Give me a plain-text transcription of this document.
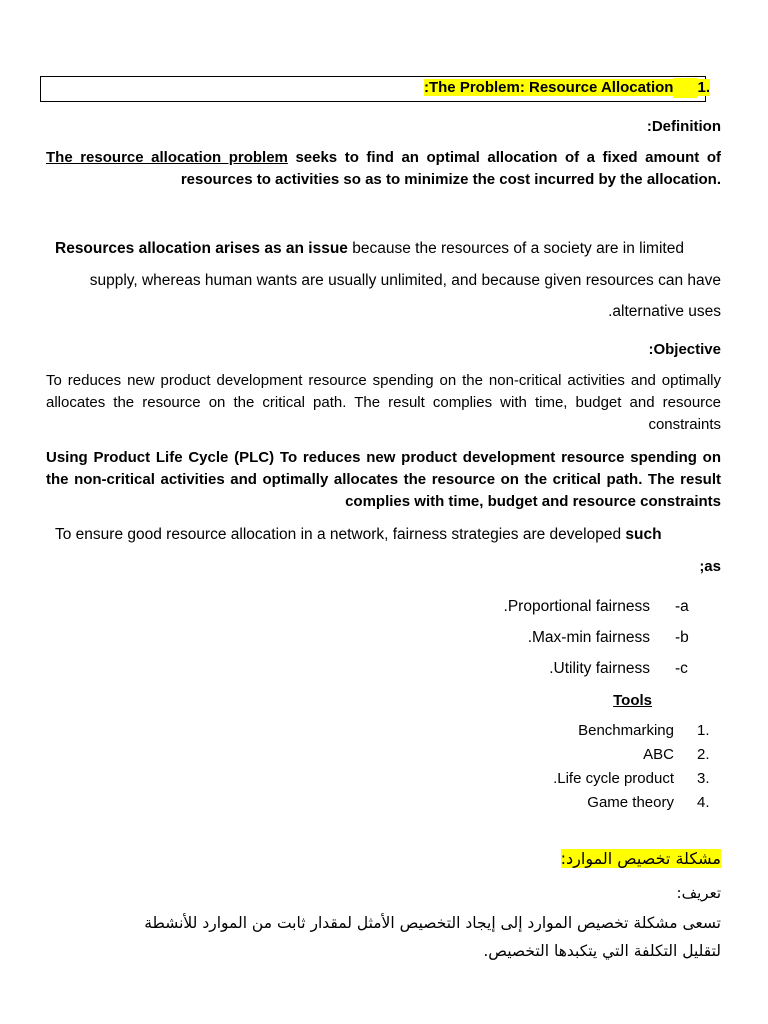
:The Problem: Resource Allocation 1.
:Definition
The resource allocation problem seeks to find an optimal allocation of a fixed amount of resources to activities so as to minimize the cost incurred by the allocation.
Resources allocation arises as an issue because the resources of a society are in limited
supply, whereas human wants are usually unlimited, and because given resources can have
.alternative uses
:Objective
To reduces new product development resource spending on the non-critical activities and optimally allocates the resource on the critical path. The result complies with time, budget and resource constraints
Using Product Life Cycle (PLC) To reduces new product development resource spending on the non-critical activities and optimally allocates the resource on the critical path. The result complies with time, budget and resource constraints
To ensure good resource allocation in a network, fairness strategies are developed such
;as
.Proportional fairness a-
.Max-min fairness b-
.Utility fairness c-
Tools
Benchmarking 1.
ABC 2.
.Life cycle product 3.
Game theory 4.
مشكلة تخصيص الموارد:
تعريف:
تسعى مشكلة تخصيص الموارد إلى إيجاد التخصيص الأمثل لمقدار ثابت من الموارد للأنشطة
لتقليل التكلفة التي يتكبدها التخصيص.
